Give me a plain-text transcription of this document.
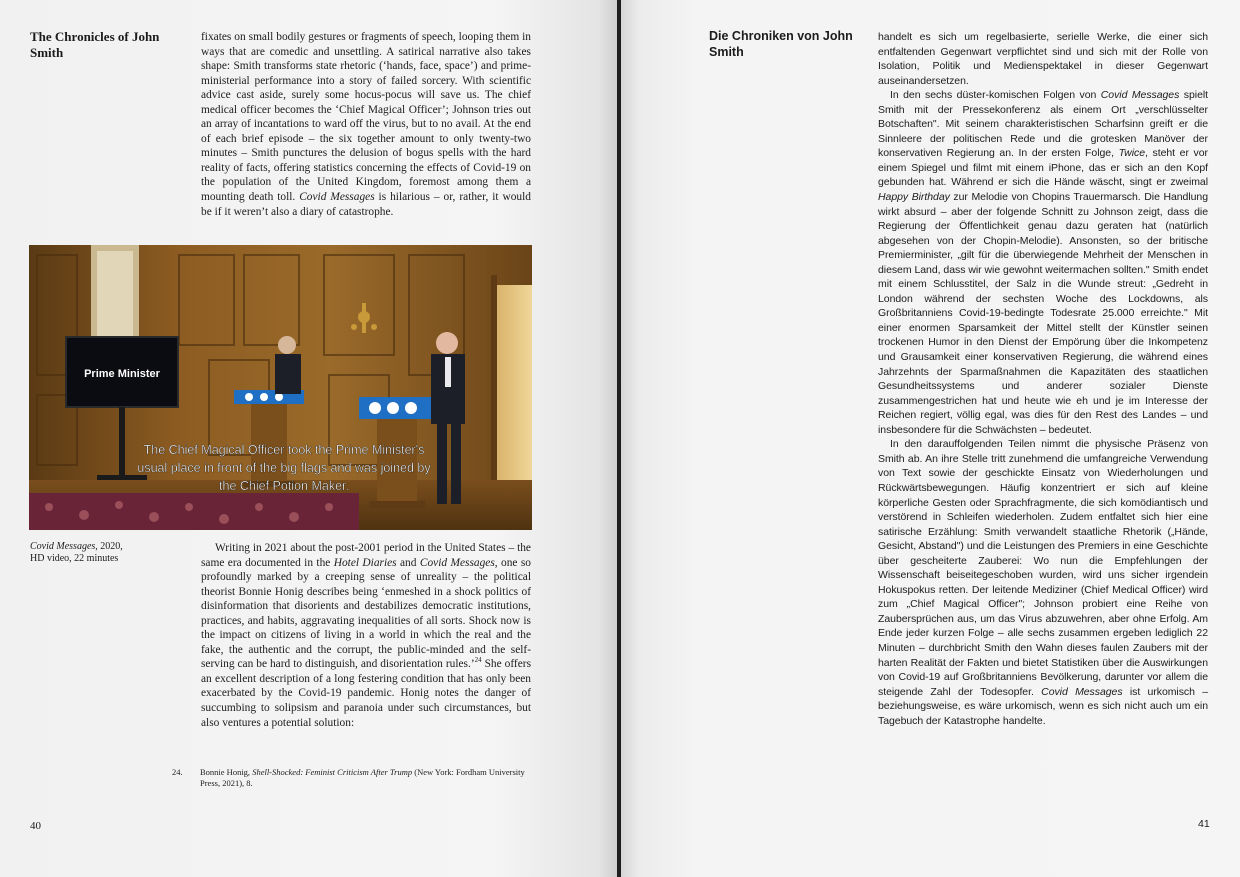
The Chronicles of John Smith

fixates on small bodily gestures or fragments of speech, looping them in ways that are comedic and unsettling. A satirical narrative also takes shape: Smith transforms state rhetoric (‘hands, face, space’) and prime-ministerial performance into a story of failed sorcery. With scientific advice cast aside, surely some hocus-pocus will save us. The chief medical officer becomes the ‘Chief Magical Officer’; Johnson tries out an array of incantations to ward off the virus, but to no avail. At the end of each brief episode – the six together amount to only twenty-two minutes – Smith punctures the delusion of bogus spells with the hard reality of facts, offering statistics concerning the effects of Covid-19 on the population of the United Kingdom, foremost among them a mounting death toll. Covid Messages is hilarious – or, rather, it would be if it weren’t also a diary of catastrophe.

Prime Minister
The Chief Magical Officer took the Prime Minister's
usual place in front of the big flags and was joined by
the Chief Potion Maker.
Covid Messages, 2020,
HD video, 22 minutes

Writing in 2021 about the post-2001 period in the United States – the same era documented in the Hotel Diaries and Covid Messages, one so profoundly marked by a creeping sense of unreality – the political theorist Bonnie Honig describes being ‘enmeshed in a shock politics of disinformation that disorients and destabilizes democratic institutions, practices, and habits, aggravating inequalities of all sorts. Shock now is the impact on citizens of living in a world in which the real and the fake, the authentic and the corrupt, the public-minded and the self-serving can be hard to distinguish, and disorientation rules.’$^{24}$ She offers an excellent description of a long festering condition that has only been exacerbated by the Covid-19 pandemic. Honig notes the danger of succumbing to solipsism and paranoia under such circumstances, but also ventures a potential solution:

24.	Bonnie Honig, Shell-Shocked: Feminist Criticism After Trump (New York: Fordham University Press, 2021), 8.
40
Die Chroniken von John Smith

handelt es sich um regelbasierte, serielle Werke, die einer sich entfaltenden Gegenwart verpflichtet sind und sich mit der Rolle von Isolation, Politik und Medienspektakel in dieser Gegenwart auseinandersetzen.

In den sechs düster-komischen Folgen von Covid Messages spielt Smith mit der Pressekonferenz als einem Ort „verschlüsselter Botschaften". Mit seinem charakteristischen Scharfsinn greift er die Sinnleere der politischen Rede und die grotesken Manöver der konservativen Regierung an. In der ersten Folge, Twice, steht er vor einem Spiegel und filmt mit einem iPhone, das er sich an den Kopf gebunden hat. Während er sich die Hände wäscht, singt er zweimal Happy Birthday zur Melodie von Chopins Trauermarsch. Die Handlung wirkt absurd – aber der folgende Schnitt zu Johnson zeigt, dass die Regierung der Öffentlichkeit genau dazu geraten hat (natürlich abgesehen von der Chopin-Melodie). Ansonsten, so der britische Premierminister, „gilt für die überwiegende Mehrheit der Menschen in diesem Land, dass wir wie gewohnt weitermachen sollten." Smith endet mit einem Schlusstitel, der Salz in die Wunde streut: „Gedreht in London während der sechsten Woche des Lockdowns, als Großbritanniens Covid-19-bedingte Todesrate 25.000 erreichte." Mit einer enormen Sparsamkeit der Mittel stellt der Künstler seinen trockenen Humor in den Dienst der Empörung über die Inkompetenz und Grausamkeit einer konservativen Regierung, die während eines Jahrzehnts der Sparmaßnahmen die Kapazitäten des staatlichen Gesundheitssystems und anderer sozialer Dienste zusammengestrichen hat und heute wie eh und je im Interesse der Reichen regiert, völlig egal, was dies für den Rest des Landes – und insbesondere für die Schwächsten – bedeutet.

In den darauffolgenden Teilen nimmt die physische Präsenz von Smith ab. An ihre Stelle tritt zunehmend die umfangreiche Verwendung von Text sowie der geschickte Einsatz von Wiederholungen und Rückwärtsbewegungen. Häufig konzentriert er sich auf kleine körperliche Gesten oder Sprachfragmente, die sich komödiantisch und verstörend in Schleifen wiederholen. Zudem entfaltet sich hier eine satirische Erzählung: Smith verwandelt staatliche Rhetorik („Hände, Gesicht, Abstand") und die Leistungen des Premiers in eine Geschichte über gescheiterte Zauberei: Wo nun die Empfehlungen der Wissenschaft beiseitegeschoben wurden, wird uns sicher irgendein Hokuspokus retten. Der leitende Mediziner (Chief Medical Officer) wird zum „Chief Magical Officer"; Johnson probiert eine Reihe von Zaubersprüchen aus, um das Virus abzuwehren, aber ohne Erfolg. Am Ende jeder kurzen Folge – alle sechs zusammen ergeben lediglich 22 Minuten – durchbricht Smith den Wahn dieses faulen Zaubers mit der harten Realität der Fakten und bietet Statistiken über die Auswirkungen von Covid-19 auf Großbritanniens Bevölkerung, darunter vor allem die steigende Zahl der Todesopfer. Covid Messages ist urkomisch – beziehungsweise, es wäre urkomisch, wenn es sich nicht auch um ein Tagebuch der Katastrophe handelte.

41
